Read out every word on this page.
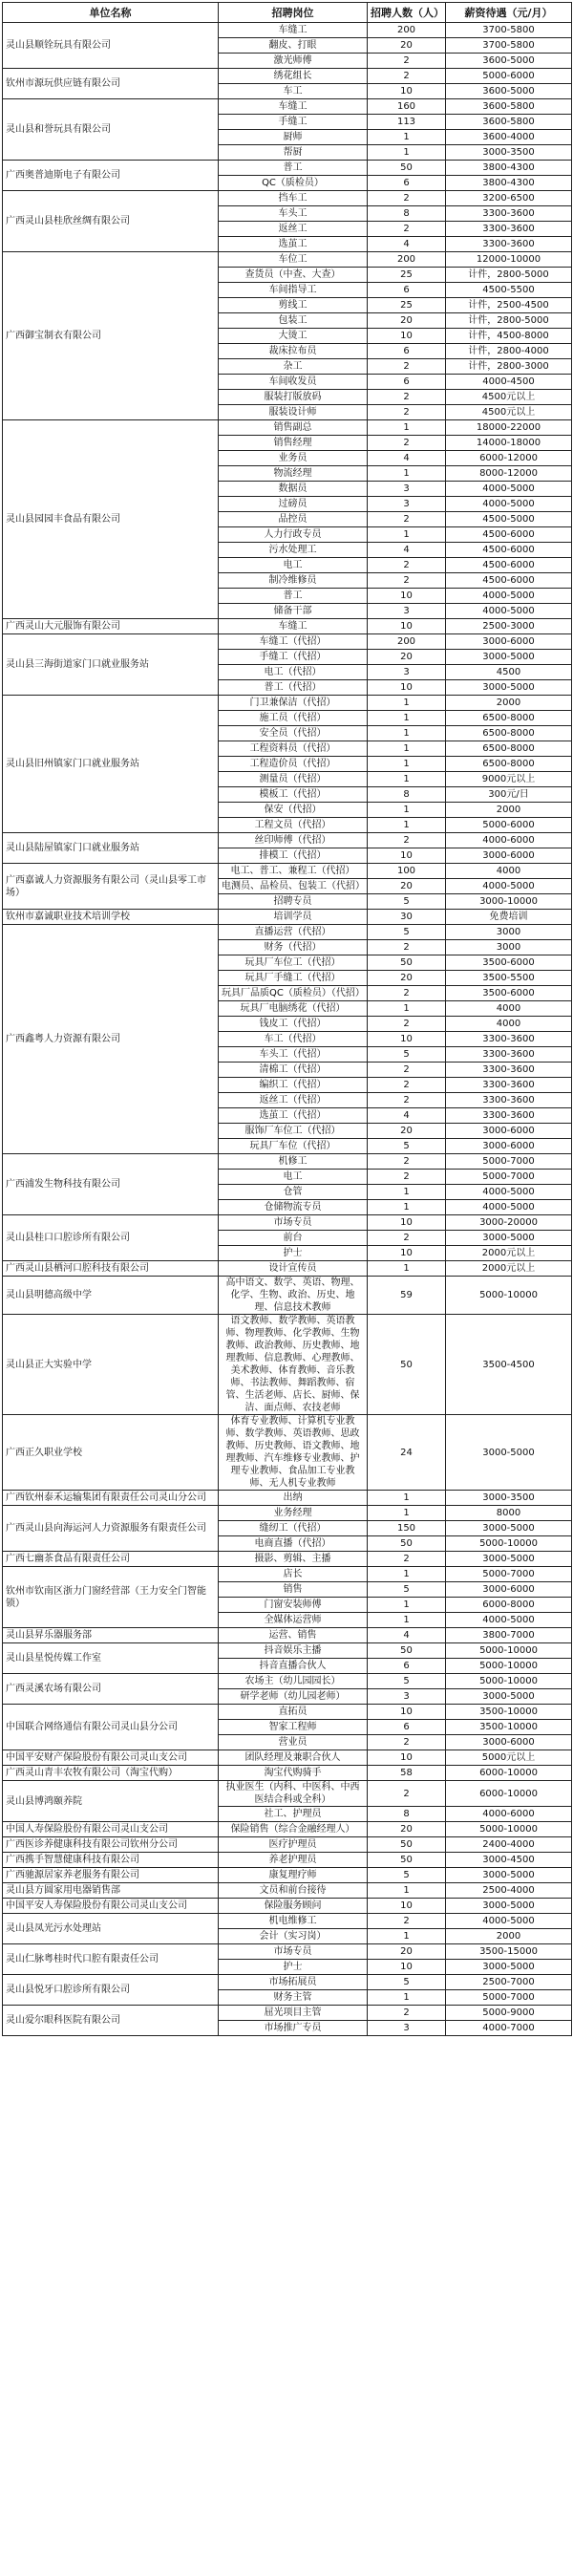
单位名称	招聘岗位	招聘人数（人）	薪资待遇（元/月）
灵山县顺铨玩具有限公司	车缝工	200	3700-5800
	翻皮、打眼	20	3700-5800
	激光师傅	2	3600-5000
钦州市源玩供应链有限公司	绣花组长	2	5000-6000
	车工	10	3600-5000
灵山县和誉玩具有限公司	车缝工	160	3600-5800
	手缝工	113	3600-5800
	厨师	1	3600-4000
	帮厨	1	3000-3500
广西奥普迪斯电子有限公司	普工	50	3800-4300
	QC（质检员）	6	3800-4300
广西灵山县桂欣丝绸有限公司	挡车工	2	3200-6500
	车头工	8	3300-3600
	返丝工	2	3300-3600
	选茧工	4	3300-3600
广西御宝制衣有限公司	车位工	200	12000-10000
	查货员（中查、大查）	25	计件，2800-5000
	车间指导工	6	4500-5500
	剪线工	25	计件，2500-4500
	包装工	20	计件，2800-5000
	大烫工	10	计件，4500-8000
	裁床拉布员	6	计件，2800-4000
	杂工	2	计件，2800-3000
	车间收发员	6	4000-4500
	服装打版放码	2	4500元以上
	服装设计师	2	4500元以上
灵山县园园丰食品有限公司	销售副总	1	18000-22000
	销售经理	2	14000-18000
	业务员	4	6000-12000
	物流经理	1	8000-12000
	数据员	3	4000-5000
	过磅员	3	4000-5000
	品控员	2	4500-5000
	人力行政专员	1	4500-6000
	污水处理工	4	4500-6000
	电工	2	4500-6000
	制冷维修员	2	4500-6000
	普工	10	4000-5000
	储备干部	3	4000-5000
广西灵山大元服饰有限公司	车缝工	10	2500-3000
灵山县三海街道家门口就业服务站	车缝工（代招）	200	3000-6000
	手缝工（代招）	20	3000-5000
	电工（代招）	3	4500
	普工（代招）	10	3000-5000
灵山县旧州镇家门口就业服务站	门卫兼保洁（代招）	1	2000
	施工员（代招）	1	6500-8000
	安全员（代招）	1	6500-8000
	工程资料员（代招）	1	6500-8000
	工程造价员（代招）	1	6500-8000
	测量员（代招）	1	9000元以上
	模板工（代招）	8	300元/日
	保安（代招）	1	2000
	工程文员（代招）	1	5000-6000
灵山县陆屋镇家门口就业服务站	丝印师傅（代招）	2	4000-6000
	排模工（代招）	10	3000-6000
广西嘉诚人力资源服务有限公司（灵山县零工市场）	电工、普工、兼程工（代招）	100	4000
	电测员、品检员、包装工（代招）	20	4000-5000
	招聘专员	5	3000-10000
钦州市嘉诚职业技术培训学校	培训学员	30	免费培训
广西鑫粤人力资源有限公司	直播运营（代招）	5	3000
	财务（代招）	2	3000
	玩具厂车位工（代招）	50	3500-6000
	玩具厂手缝工（代招）	20	3500-5500
	玩具厂品质QC（质检员）（代招）	2	3500-6000
	玩具厂电脑绣花（代招）	1	4000
	钱皮工（代招）	2	4000
	车工（代招）	10	3300-3600
	车头工（代招）	5	3300-3600
	清棉工（代招）	2	3300-3600
	编织工（代招）	2	3300-3600
	返丝工（代招）	2	3300-3600
	选茧工（代招）	4	3300-3600
	服饰厂车位工（代招）	20	3000-6000
	玩具厂车位（代招）	5	3000-6000
广西浦发生物科技有限公司	机修工	2	5000-7000
	电工	2	5000-7000
	仓管	1	4000-5000
	仓储物流专员	1	4000-5000
灵山县桂口口腔诊所有限公司	市场专员	10	3000-20000
	前台	2	3000-5000
	护士	10	2000元以上
广西灵山县栖河口腔科技有限公司	设计宣传员	1	2000元以上
灵山县明德高级中学	高中语文、数学、英语、物理、化学、生物、政治、历史、地理、信息技术教师	59	5000-10000
灵山县正大实验中学	语文教师、数学教师、英语教师、物理教师、化学教师、生物教师、政治教师、历史教师、地理教师、信息教师、心理教师、美术教师、体育教师、音乐教师、书法教师、舞蹈教师、宿管、生活老师、店长、厨师、保洁、面点师、农技老师	50	3500-4500
广西正久职业学校	体育专业教师、计算机专业教师、数学教师、英语教师、思政教师、历史教师、语文教师、地理教师、汽车维修专业教师、护理专业教师、食品加工专业教师、无人机专业教师	24	3000-5000
广西钦州泰禾运输集团有限责任公司灵山分公司	出纳	1	3000-3500
广西灵山县向海运河人力资源服务有限责任公司	业务经理	1	8000
	缝纫工（代招）	150	3000-5000
	电商直播（代招）	50	5000-10000
广西七幽茶食品有限责任公司	摄影、剪辑、主播	2	3000-5000
钦州市钦南区浙力门窗经营部（王力安全门智能锁）	店长	1	5000-7000
	销售	5	3000-6000
	门窗安装师傅	1	6000-8000
	全媒体运营师	1	4000-5000
灵山县昇乐器服务部	运营、销售	4	3800-7000
灵山县星悦传媒工作室	抖音娱乐主播	50	5000-10000
	抖音直播合伙人	6	5000-10000
广西灵溪农场有限公司	农场主（幼儿园园长）	5	5000-10000
	研学老师（幼儿园老师）	3	3000-5000
中国联合网络通信有限公司灵山县分公司	直拓员	10	3500-10000
	智家工程师	6	3500-10000
	营业员	2	3000-6000
中国平安财产保险股份有限公司灵山支公司	团队经理及兼职合伙人	10	5000元以上
广西灵山青丰农牧有限公司（淘宝代购）	淘宝代购骑手	58	6000-10000
灵山县博鸿颐养院	执业医生（内科、中医科、中西医结合科或全科）	2	6000-10000
	社工、护理员	8	4000-6000
中国人寿保险股份有限公司灵山支公司	保险销售（综合金融经理人）	20	5000-10000
广西医诊养健康科技有限公司钦州分公司	医疗护理员	50	2400-4000
广西携手智慧健康科技有限公司	养老护理员	50	3000-4500
广西驰源居家养老服务有限公司	康复理疗师	5	3000-5000
灵山县方圆家用电器销售部	文员和前台接待	1	2500-4000
中国平安人寿保险股份有限公司灵山支公司	保险服务顾问	10	3000-5000
灵山县凤光污水处理站	机电维修工	2	4000-5000
	会计（实习岗）	1	2000
灵山仁脉粤桂时代口腔有限责任公司	市场专员	20	3500-15000
	护士	10	3000-5000
灵山县悦牙口腔诊所有限公司	市场拓展员	5	2500-7000
	财务主管	1	5000-7000
灵山爱尔眼科医院有限公司	屈光项目主管	2	5000-9000
	市场推广专员	3	4000-7000
